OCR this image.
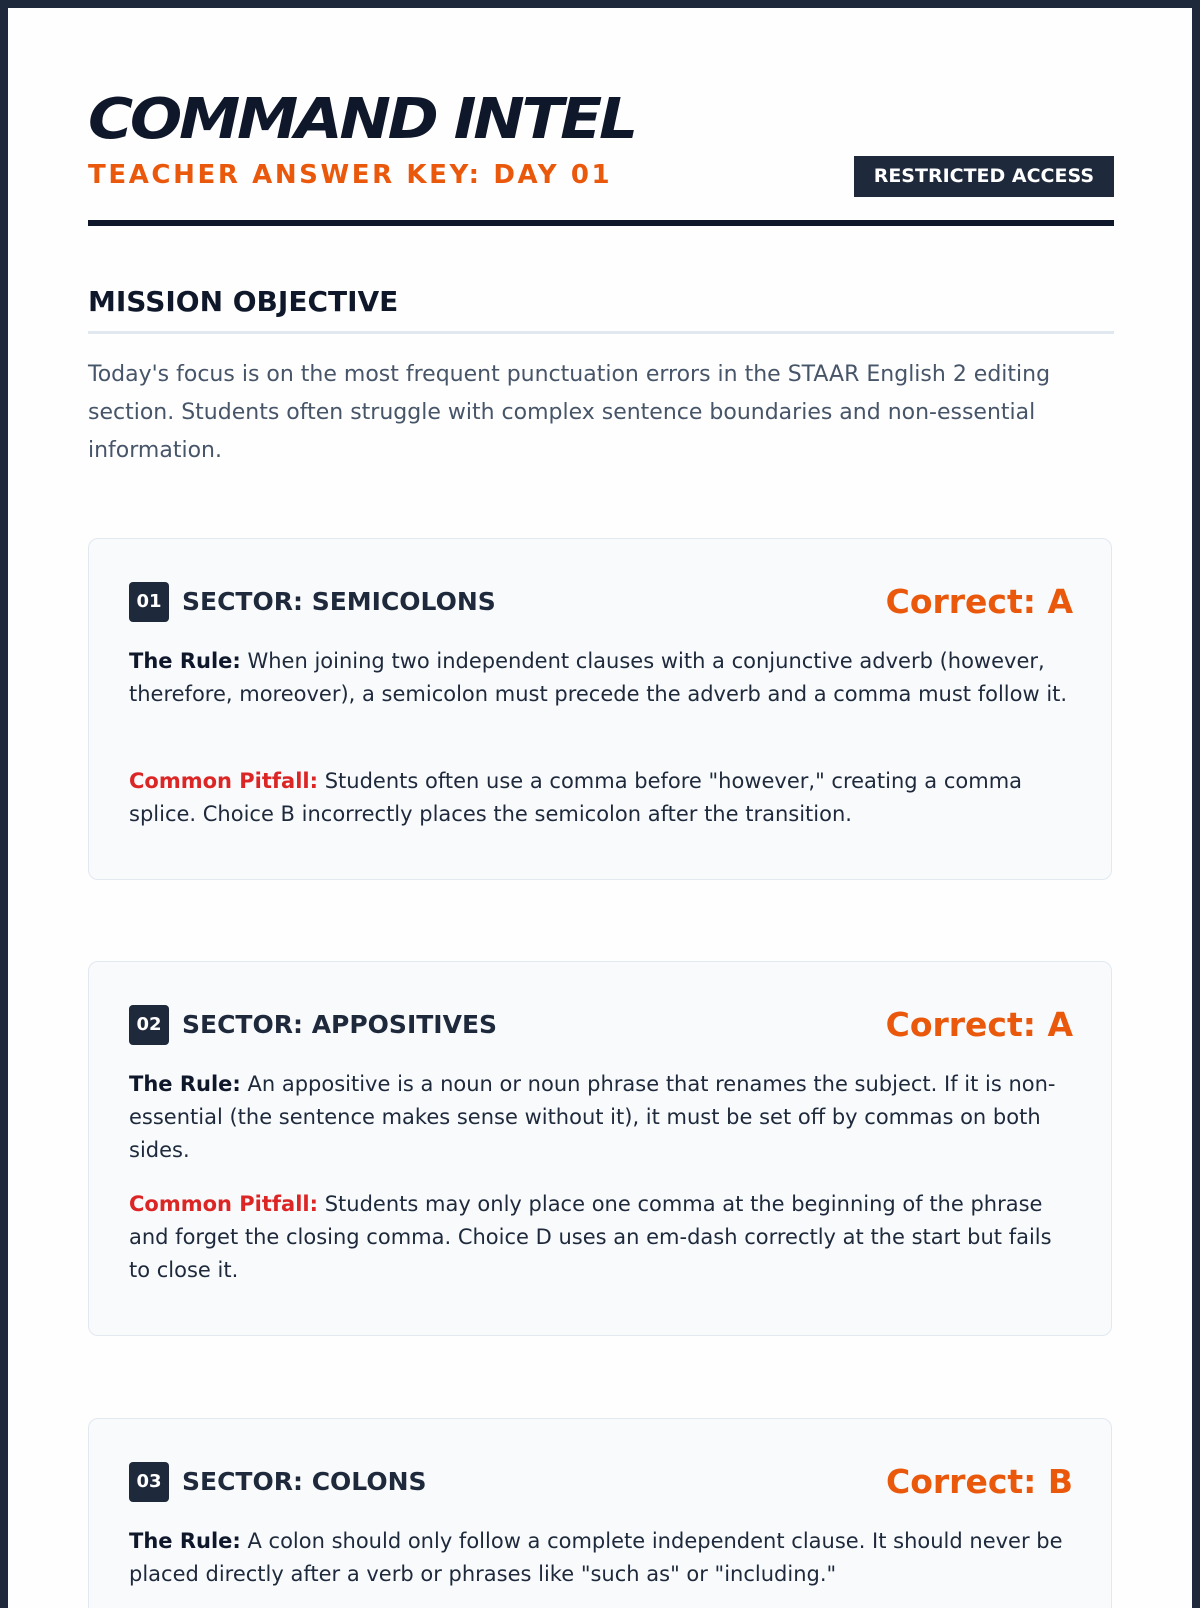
COMMAND INTEL
TEACHER ANSWER KEY: DAY 01	RESTRICTED ACCESS
MISSION OBJECTIVE

Today's focus is on the most frequent punctuation errors in the STAAR English 2 editing section. Students often struggle with complex sentence boundaries and non-essential information.

01 SECTOR: SEMICOLONS	Correct: A

The Rule: When joining two independent clauses with a conjunctive adverb (however, therefore, moreover), a semicolon must precede the adverb and a comma must follow it.

Common Pitfall: Students often use a comma before "however," creating a comma splice. Choice B incorrectly places the semicolon after the transition.

02 SECTOR: APPOSITIVES	Correct: A

The Rule: An appositive is a noun or noun phrase that renames the subject. If it is non-essential (the sentence makes sense without it), it must be set off by commas on both sides.

Common Pitfall: Students may only place one comma at the beginning of the phrase and forget the closing comma. Choice D uses an em-dash correctly at the start but fails to close it.

03 SECTOR: COLONS	Correct: B

The Rule: A colon should only follow a complete independent clause. It should never be placed directly after a verb or phrases like "such as" or "including."
